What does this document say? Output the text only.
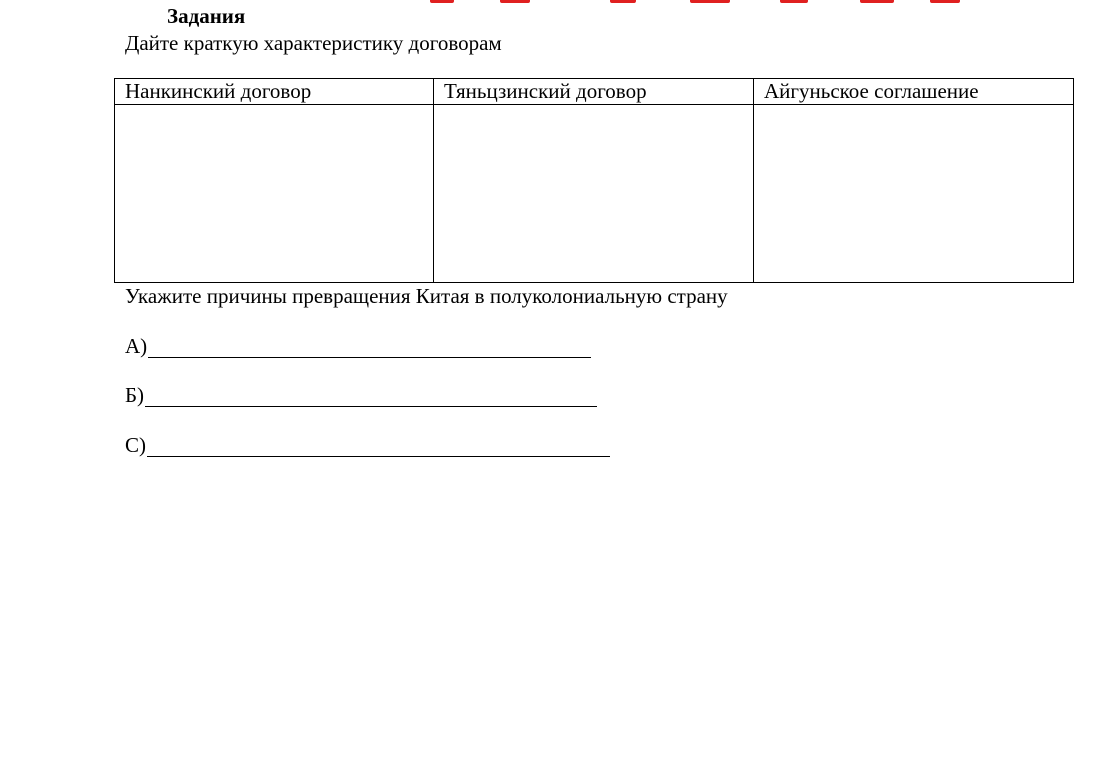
Задания
Дайте краткую характеристику договорам
Нанкинский договор	Тяньцзинский договор	Айгуньское соглашение

Укажите причины превращения Китая в полуколониальную страну
А)
Б)
С)
